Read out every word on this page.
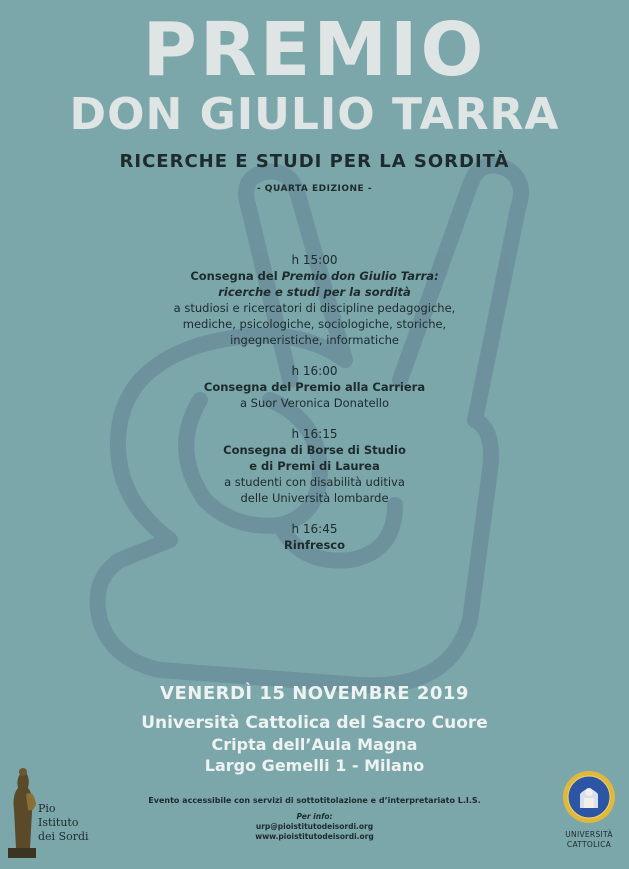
PREMIO
DON GIULIO TARRA
RICERCHE E STUDI PER LA SORDITÀ
- QUARTA EDIZIONE -
h 15:00
Consegna del Premio don Giulio Tarra:
ricerche e studi per la sordità
a studiosi e ricercatori di discipline pedagogiche,
mediche, psicologiche, sociologiche, storiche,
ingegneristiche, informatiche
h 16:00
Consegna del Premio alla Carriera
a Suor Veronica Donatello
h 16:15
Consegna di Borse di Studio
e di Premi di Laurea
a studenti con disabilità uditiva
delle Università lombarde
h 16:45
Rinfresco
VENERDÌ 15 NOVEMBRE 2019
Università Cattolica del Sacro Cuore
Cripta dell’Aula Magna
Largo Gemelli 1 - Milano
Evento accessibile con servizi di sottotitolazione e d’interpretariato L.I.S.
Per info:
urp@pioistitutodeisordi.org
www.pioistitutodeisordi.org
Pio
Istituto
dei Sordi	UNIVERSITÀ
CATTOLICA
